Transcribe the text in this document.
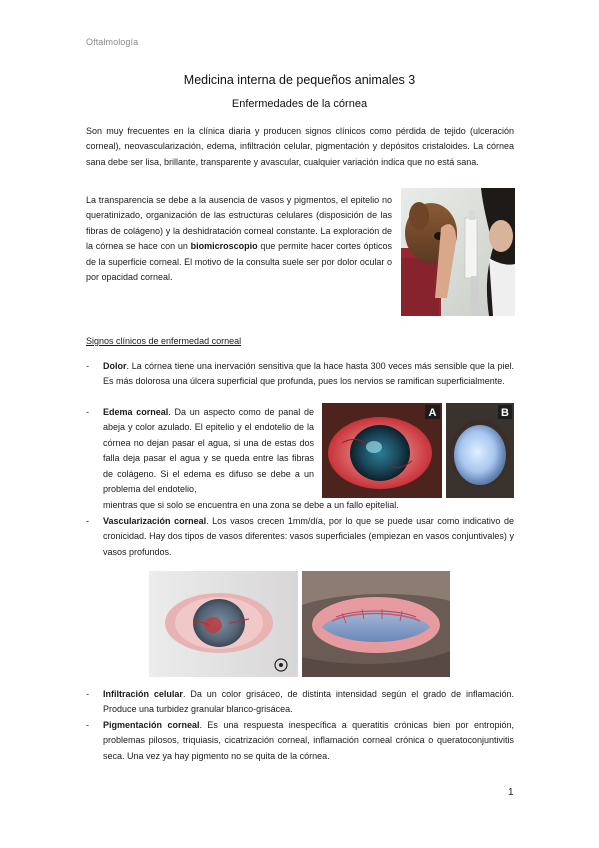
Oftalmología
Medicina interna de pequeños animales 3
Enfermedades de la córnea
Son muy frecuentes en la clínica diaria y producen signos clínicos como pérdida de tejido (ulceración corneal), neovascularización, edema, infiltración celular, pigmentación y depósitos cristaloides. La córnea sana debe ser lisa, brillante, transparente y avascular, cualquier variación indica que no está sana.
La transparencia se debe a la ausencia de vasos y pigmentos, el epitelio no queratinizado, organización de las estructuras celulares (disposición de las fibras de colágeno) y la deshidratación corneal constante. La exploración de la córnea se hace con un biomicroscopio que permite hacer cortes ópticos de la superficie corneal. El motivo de la consulta suele ser por dolor ocular o por opacidad corneal.
Signos clínicos de enfermedad corneal
- Dolor. La córnea tiene una inervación sensitiva que la hace hasta 300 veces más sensible que la piel. Es más dolorosa una úlcera superficial que profunda, pues los nervios se ramifican superficialmente.
- Edema corneal. Da un aspecto como de panal de abeja y color azulado. El epitelio y el endotelio de la córnea no dejan pasar el agua, si una de estas dos falla deja pasar el agua y se queda entre las fibras de colágeno. Si el edema es difuso se debe a un problema del endotelio,
mientras que si solo se encuentra en una zona se debe a un fallo epitelial.
A	B
- Vascularización corneal. Los vasos crecen 1mm/día, por lo que se puede usar como indicativo de cronicidad. Hay dos tipos de vasos diferentes: vasos superficiales (empiezan en vasos conjuntivales) y vasos profundos.
- Infiltración celular. Da un color grisáceo, de distinta intensidad según el grado de inflamación. Produce una turbidez granular blanco-grisácea.
- Pigmentación corneal. Es una respuesta inespecífica a queratitis crónicas bien por entropión, problemas pilosos, triquiasis, cicatrización corneal, inflamación corneal crónica o queratoconjuntivitis seca. Una vez ya hay pigmento no se quita de la córnea.
1
